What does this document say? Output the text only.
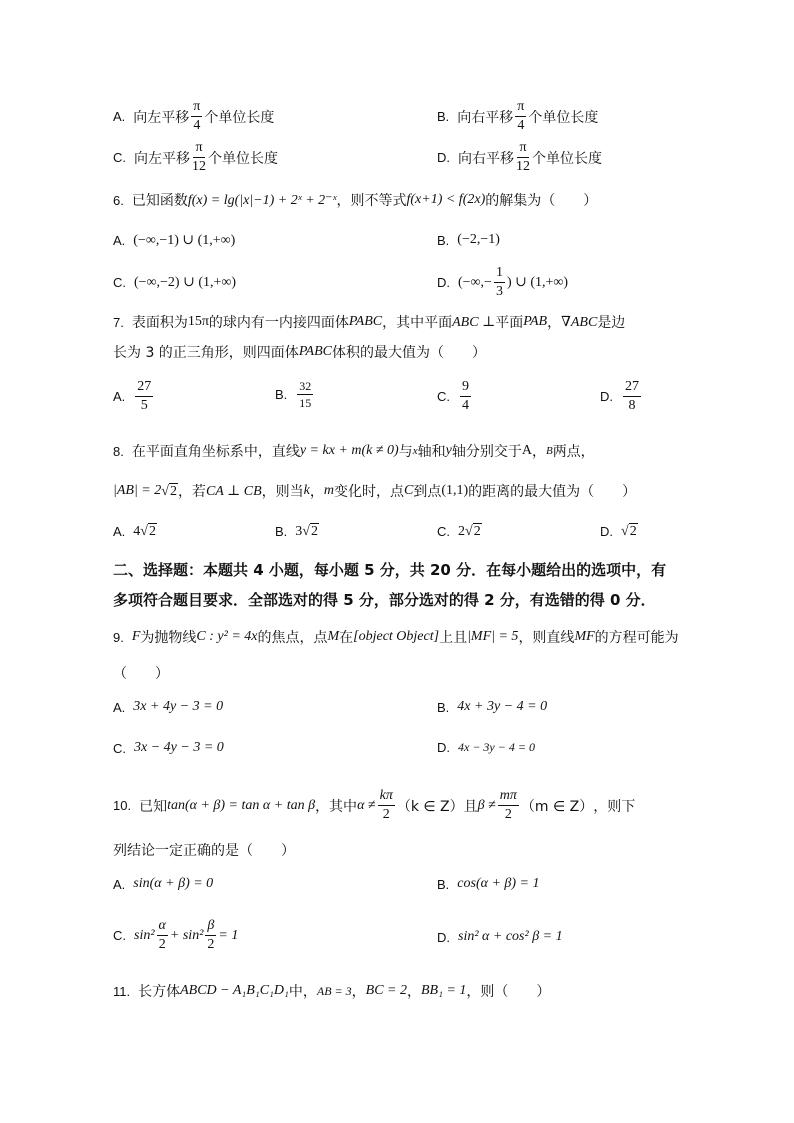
A. 向左平移 $\frac{\pi}{4}$ 个单位长度	B. 向右平移 $\frac{\pi}{4}$ 个单位长度
C. 向左平移 $\frac{\pi}{12}$ 个单位长度	D. 向右平移 $\frac{\pi}{12}$ 个单位长度
6. 已知函数 f(x) = lg(|x|−1) + 2ˣ + 2⁻ˣ ，则不等式 f(x+1) < f(2x) 的解集为（　　）
A. (−∞,−1) ∪ (1,+∞)	B. (−2,−1)
C. (−∞,−2) ∪ (1,+∞)	D. (−∞,− $\frac{1}{3}$ ) ∪ (1,+∞)
7. 表面积为 15π 的球内有一内接四面体 PABC ，其中平面 ABC ⊥ 平面 PAB ， ∇ABC 是边
长为 3 的正三角形，则四面体 PABC 体积的最大值为（　　）
A. $\frac{27}{5}$	B. $\frac{32}{15}$	C. $\frac{9}{4}$	D. $\frac{27}{8}$
8. 在平面直角坐标系中，直线 y = kx + m(k ≠ 0) 与 x 轴和 y 轴分别交于 A ， B 两点，
|AB| = 2 √ 2 ，若 CA ⊥ CB ，则当 k ， m 变化时，点 C 到点 (1,1) 的距离的最大值为（　　）
A. 4 √ 2	B. 3 √ 2	C. 2 √ 2	D. √ 2
二、选择题：本题共 4 小题，每小题 5 分，共 20 分．在每小题给出的选项中，有
多项符合题目要求．全部选对的得 5 分，部分选对的得 2 分，有选错的得 0 分．
9. F 为抛物线 C : y² = 4x 的焦点，点 M 在 [object Object] 上且 |MF| = 5 ，则直线 MF 的方程可能为
（　　）
A. 3x + 4y − 3 = 0	B. 4x + 3y − 4 = 0
C. 3x − 4y − 3 = 0	D. 4x − 3y − 4 = 0
10. 已知 tan(α + β) = tan α + tan β ，其中 $\alpha \ne \frac{k\pi}{2} (k$ ∈ Z） 且 $\beta \ne \frac{m\pi}{2} (m$ ∈ Z） ，则下
列结论一定正确的是（　　）
A. sin(α + β) = 0	B. cos(α + β) = 1
C. $\sin^2 \frac{\alpha}{2} + \sin^2 \frac{\beta}{2} = 1$	D. sin² α + cos² β = 1
11. 长方体 ABCD − A₁B₁C₁D₁ 中， AB = 3 ， BC = 2 ， BB₁ = 1 ，则（　　）
